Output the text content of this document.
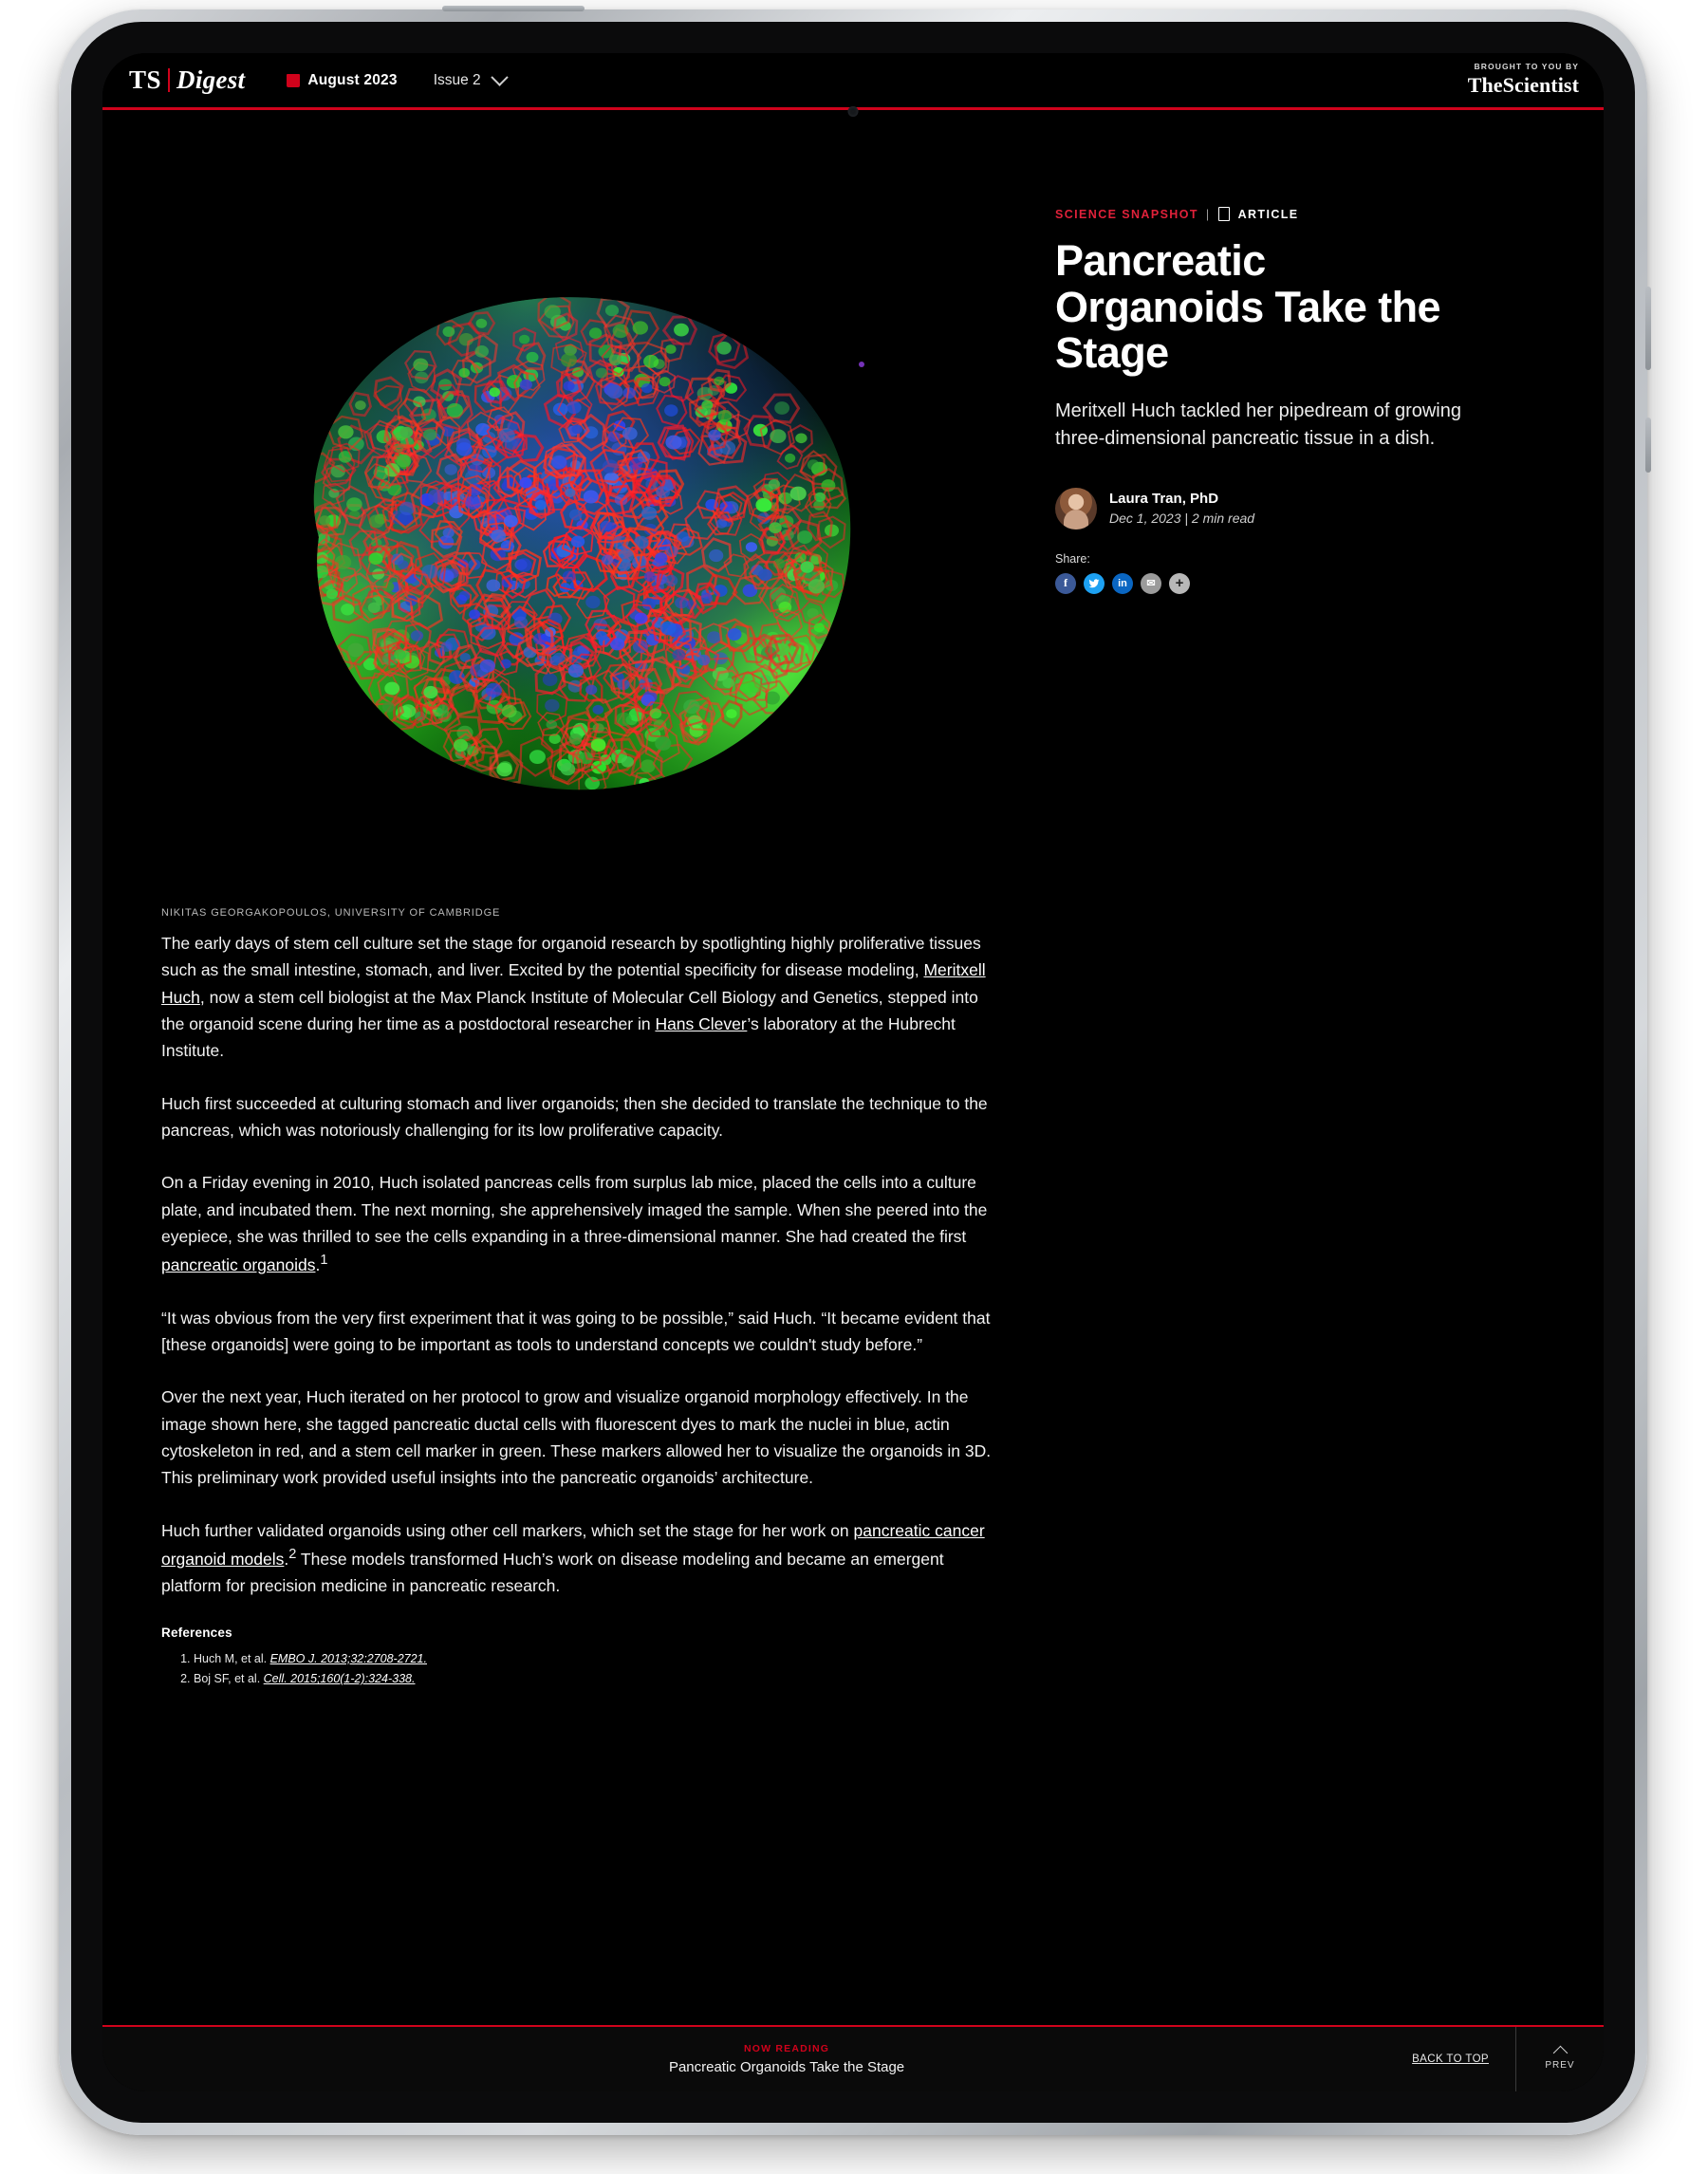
TS Digest	August 2023 Issue 2
BROUGHT TO YOU BY
TheScientist
NIKITAS GEORGAKOPOULOS, UNIVERSITY OF CAMBRIDGE
SCIENCE SNAPSHOT | ARTICLE
Pancreatic Organoids Take the Stage

Meritxell Huch tackled her pipedream of growing three-dimensional pancreatic tissue in a dish.

Laura Tran, PhD
Dec 1, 2023 | 2 min read
Share:
f	in	✉	+

The early days of stem cell culture set the stage for organoid research by spotlighting highly proliferative tissues such as the small intestine, stomach, and liver. Excited by the potential specificity for disease modeling, Meritxell Huch, now a stem cell biologist at the Max Planck Institute of Molecular Cell Biology and Genetics, stepped into the organoid scene during her time as a postdoctoral researcher in Hans Clever’s laboratory at the Hubrecht Institute.

Huch first succeeded at culturing stomach and liver organoids; then she decided to translate the technique to the pancreas, which was notoriously challenging for its low proliferative capacity.

On a Friday evening in 2010, Huch isolated pancreas cells from surplus lab mice, placed the cells into a culture plate, and incubated them. The next morning, she apprehensively imaged the sample. When she peered into the eyepiece, she was thrilled to see the cells expanding in a three-dimensional manner. She had created the first pancreatic organoids.$^1$

“It was obvious from the very first experiment that it was going to be possible,” said Huch. “It became evident that [these organoids] were going to be important as tools to understand concepts we couldn't study before.”

Over the next year, Huch iterated on her protocol to grow and visualize organoid morphology effectively. In the image shown here, she tagged pancreatic ductal cells with fluorescent dyes to mark the nuclei in blue, actin cytoskeleton in red, and a stem cell marker in green. These markers allowed her to visualize the organoids in 3D. This preliminary work provided useful insights into the pancreatic organoids’ architecture.

Huch further validated organoids using other cell markers, which set the stage for her work on pancreatic cancer organoid models.$^2$ These models transformed Huch’s work on disease modeling and became an emergent platform for precision medicine in pancreatic research.

References
1. Huch M, et al. EMBO J. 2013;32:2708-2721.
2. Boj SF, et al. Cell. 2015;160(1-2):324-338.
NOW READING
Pancreatic Organoids Take the Stage	BACK TO TOP
PREV
